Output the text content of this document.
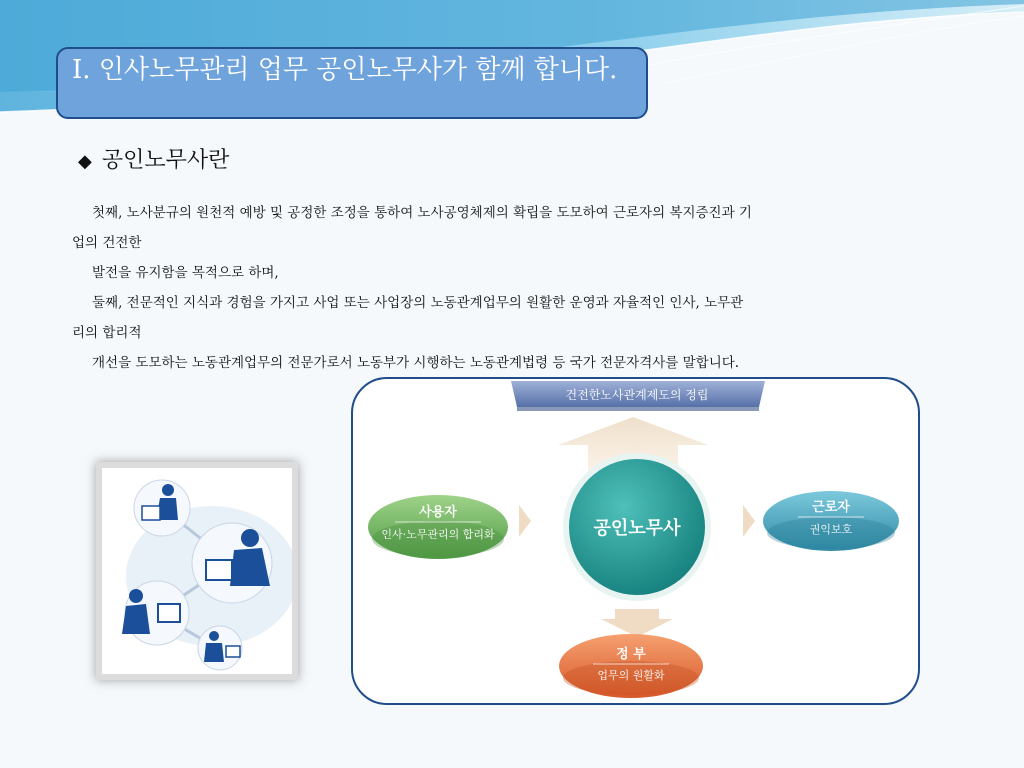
Ⅰ. 인사노무관리 업무 공인노무사가 함께 합니다.
◆ 공인노무사란
첫째, 노사분규의 원천적 예방 및 공정한 조정을 통하여 노사공영체제의 확립을 도모하여 근로자의 복지증진과 기
업의 건전한
발전을 유지함을 목적으로 하며,
둘째, 전문적인 지식과 경험을 가지고 사업 또는 사업장의 노동관계업무의 원활한 운영과 자율적인 인사, 노무관
리의 합리적
개선을 도모하는 노동관계업무의 전문가로서 노동부가 시행하는 노동관계법령 등 국가 전문자격사를 말합니다.
건전한노사관계제도의 정립
공인노무사
사용자
인사·노무관리의 합리화
근로자
권익보호
정 부
업무의 원활화
